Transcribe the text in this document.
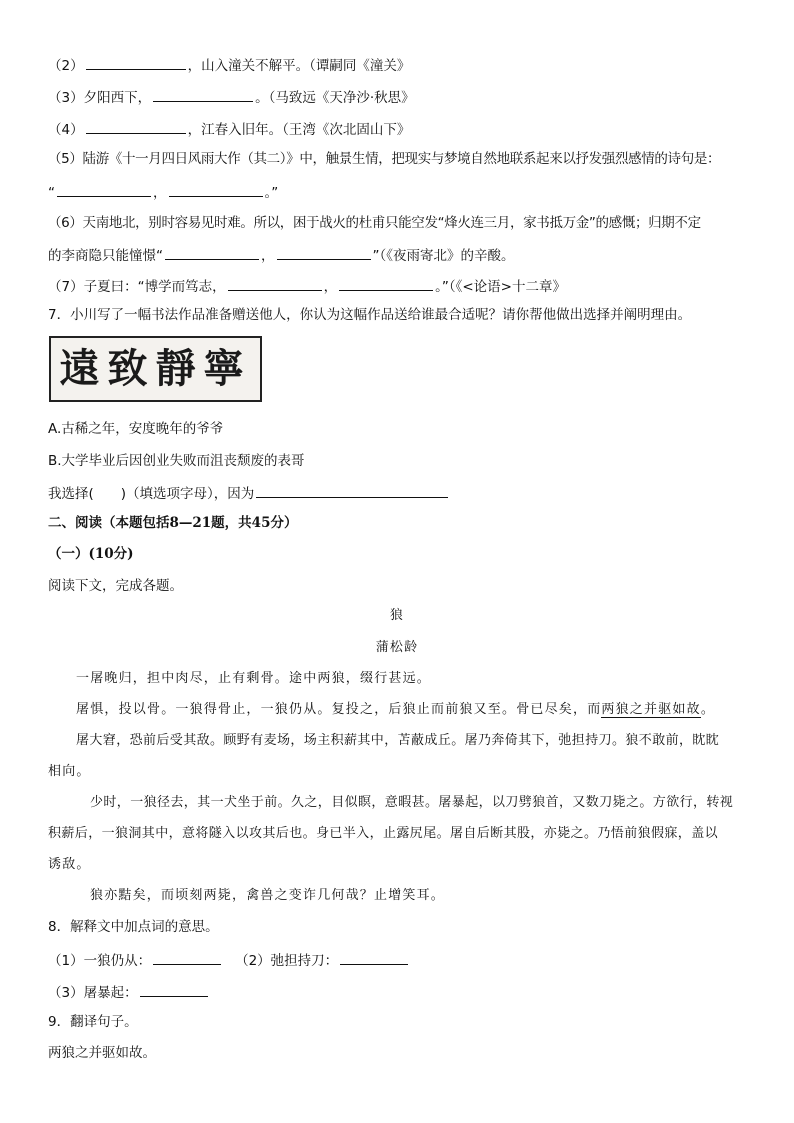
（2）	，山入潼关不解平。（谭嗣同《潼关》
（3）夕阳西下，	。（马致远《天净沙·秋思》
（4）	，江春入旧年。（王湾《次北固山下》
（5）陆游《十一月四日风雨大作（其二）》中，触景生情，把现实与梦境自然地联系起来以抒发强烈感情的诗句是：
“	，	。”
（6）天南地北，别时容易见时难。所以，困于战火的杜甫只能空发“烽火连三月，家书抵万金”的感慨；归期不定
的李商隐只能憧憬“	，	”（《夜雨寄北》的辛酸。
（7）子夏曰：“博学而笃志，	，	。”（《<论语>十二章》
7．小川写了一幅书法作品准备赠送他人，你认为这幅作品送给谁最合适呢？请你帮他做出选择并阐明理由。
遠致靜寧
A.古稀之年，安度晚年的爷爷
B.大学毕业后因创业失败而沮丧颓废的表哥
我选择(　　)（填选项字母），因为
二、阅读（本题包括8—21题，共45分）
（一）(10分)
阅读下文，完成各题。
狼
蒲松龄
一屠晚归，担中肉尽，止有剩骨。途中两狼，缀行甚远。
屠惧，投以骨。一狼得骨止，一狼仍从。复投之，后狼止而前狼又至。骨已尽矣，而两狼之并驱如故。
屠大窘，恐前后受其敌。顾野有麦场，场主积薪其中，苫蔽成丘。屠乃奔倚其下，弛担持刀。狼不敢前，眈眈
相向。
少时，一狼径去，其一犬坐于前。久之，目似瞑，意暇甚。屠暴起，以刀劈狼首，又数刀毙之。方欲行，转视
积薪后，一狼洞其中，意将隧入以攻其后也。身已半入，止露尻尾。屠自后断其股，亦毙之。乃悟前狼假寐，盖以
诱敌。
狼亦黠矣，而顷刻两毙，禽兽之变诈几何哉？止增笑耳。
8．解释文中加点词的意思。
（1）一狼仍从：	（2）弛担持刀：
（3）屠暴起：
9．翻译句子。
两狼之并驱如故。
